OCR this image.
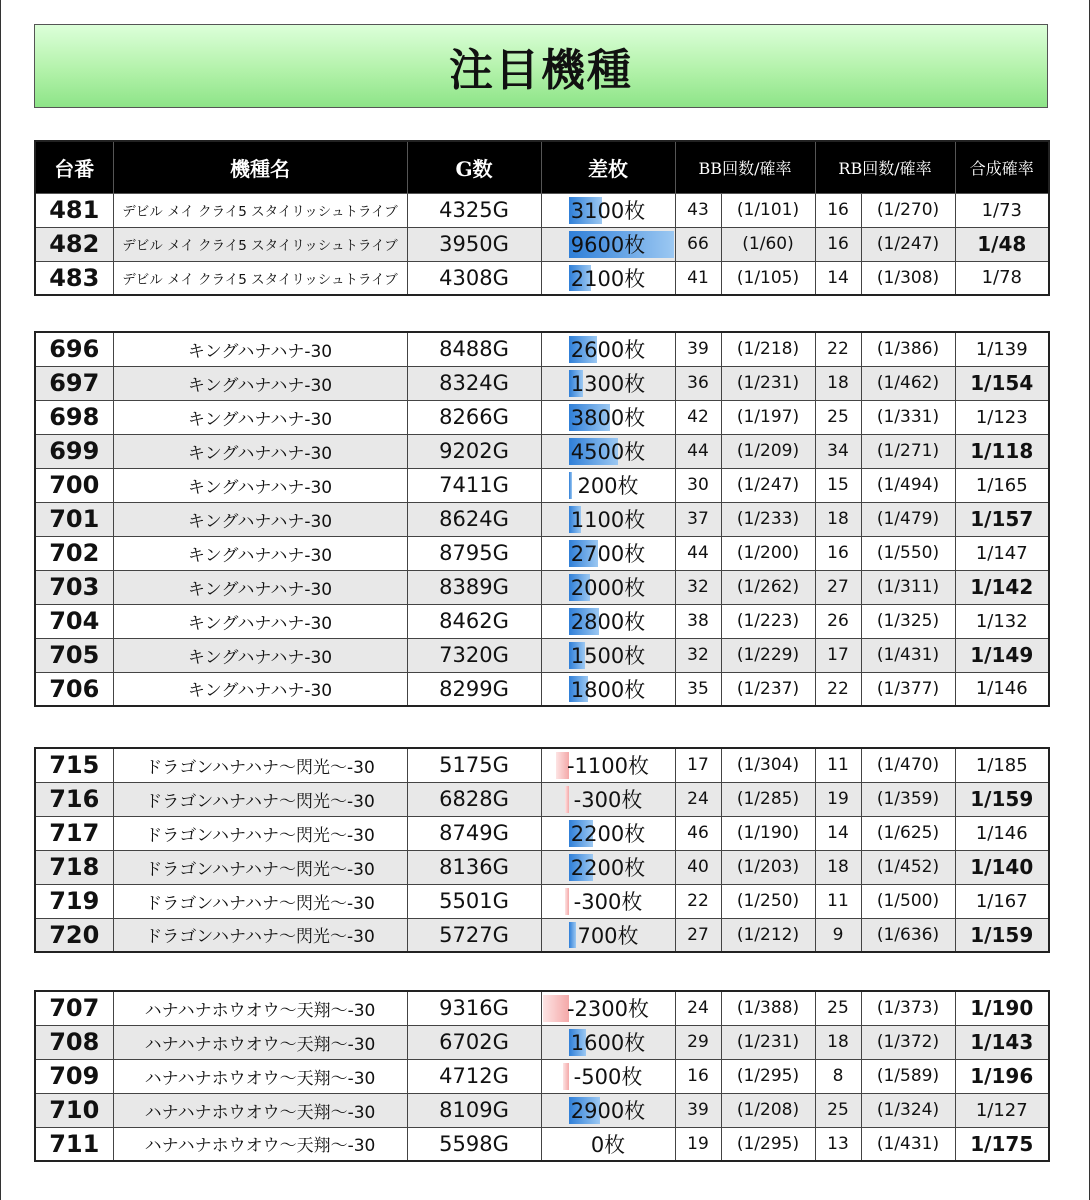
注目機種
台番	機種名	G数	差枚	BB回数/確率		RB回数/確率		合成確率
481	デビル メイ クライ5 スタイリッシュトライブ	4325G	3100枚	43	(1/101)	16	(1/270)	1/73
482	デビル メイ クライ5 スタイリッシュトライブ	3950G	9600枚	66	(1/60)	16	(1/247)	1/48
483	デビル メイ クライ5 スタイリッシュトライブ	4308G	2100枚	41	(1/105)	14	(1/308)	1/78
696	キングハナハナ-30	8488G	2600枚	39	(1/218)	22	(1/386)	1/139
697	キングハナハナ-30	8324G	1300枚	36	(1/231)	18	(1/462)	1/154
698	キングハナハナ-30	8266G	3800枚	42	(1/197)	25	(1/331)	1/123
699	キングハナハナ-30	9202G	4500枚	44	(1/209)	34	(1/271)	1/118
700	キングハナハナ-30	7411G	200枚	30	(1/247)	15	(1/494)	1/165
701	キングハナハナ-30	8624G	1100枚	37	(1/233)	18	(1/479)	1/157
702	キングハナハナ-30	8795G	2700枚	44	(1/200)	16	(1/550)	1/147
703	キングハナハナ-30	8389G	2000枚	32	(1/262)	27	(1/311)	1/142
704	キングハナハナ-30	8462G	2800枚	38	(1/223)	26	(1/325)	1/132
705	キングハナハナ-30	7320G	1500枚	32	(1/229)	17	(1/431)	1/149
706	キングハナハナ-30	8299G	1800枚	35	(1/237)	22	(1/377)	1/146
715	ドラゴンハナハナ～閃光～-30	5175G	-1100枚	17	(1/304)	11	(1/470)	1/185
716	ドラゴンハナハナ～閃光～-30	6828G	-300枚	24	(1/285)	19	(1/359)	1/159
717	ドラゴンハナハナ～閃光～-30	8749G	2200枚	46	(1/190)	14	(1/625)	1/146
718	ドラゴンハナハナ～閃光～-30	8136G	2200枚	40	(1/203)	18	(1/452)	1/140
719	ドラゴンハナハナ～閃光～-30	5501G	-300枚	22	(1/250)	11	(1/500)	1/167
720	ドラゴンハナハナ～閃光～-30	5727G	700枚	27	(1/212)	9	(1/636)	1/159
707	ハナハナホウオウ～天翔～-30	9316G	-2300枚	24	(1/388)	25	(1/373)	1/190
708	ハナハナホウオウ～天翔～-30	6702G	1600枚	29	(1/231)	18	(1/372)	1/143
709	ハナハナホウオウ～天翔～-30	4712G	-500枚	16	(1/295)	8	(1/589)	1/196
710	ハナハナホウオウ～天翔～-30	8109G	2900枚	39	(1/208)	25	(1/324)	1/127
711	ハナハナホウオウ～天翔～-30	5598G	0枚	19	(1/295)	13	(1/431)	1/175
